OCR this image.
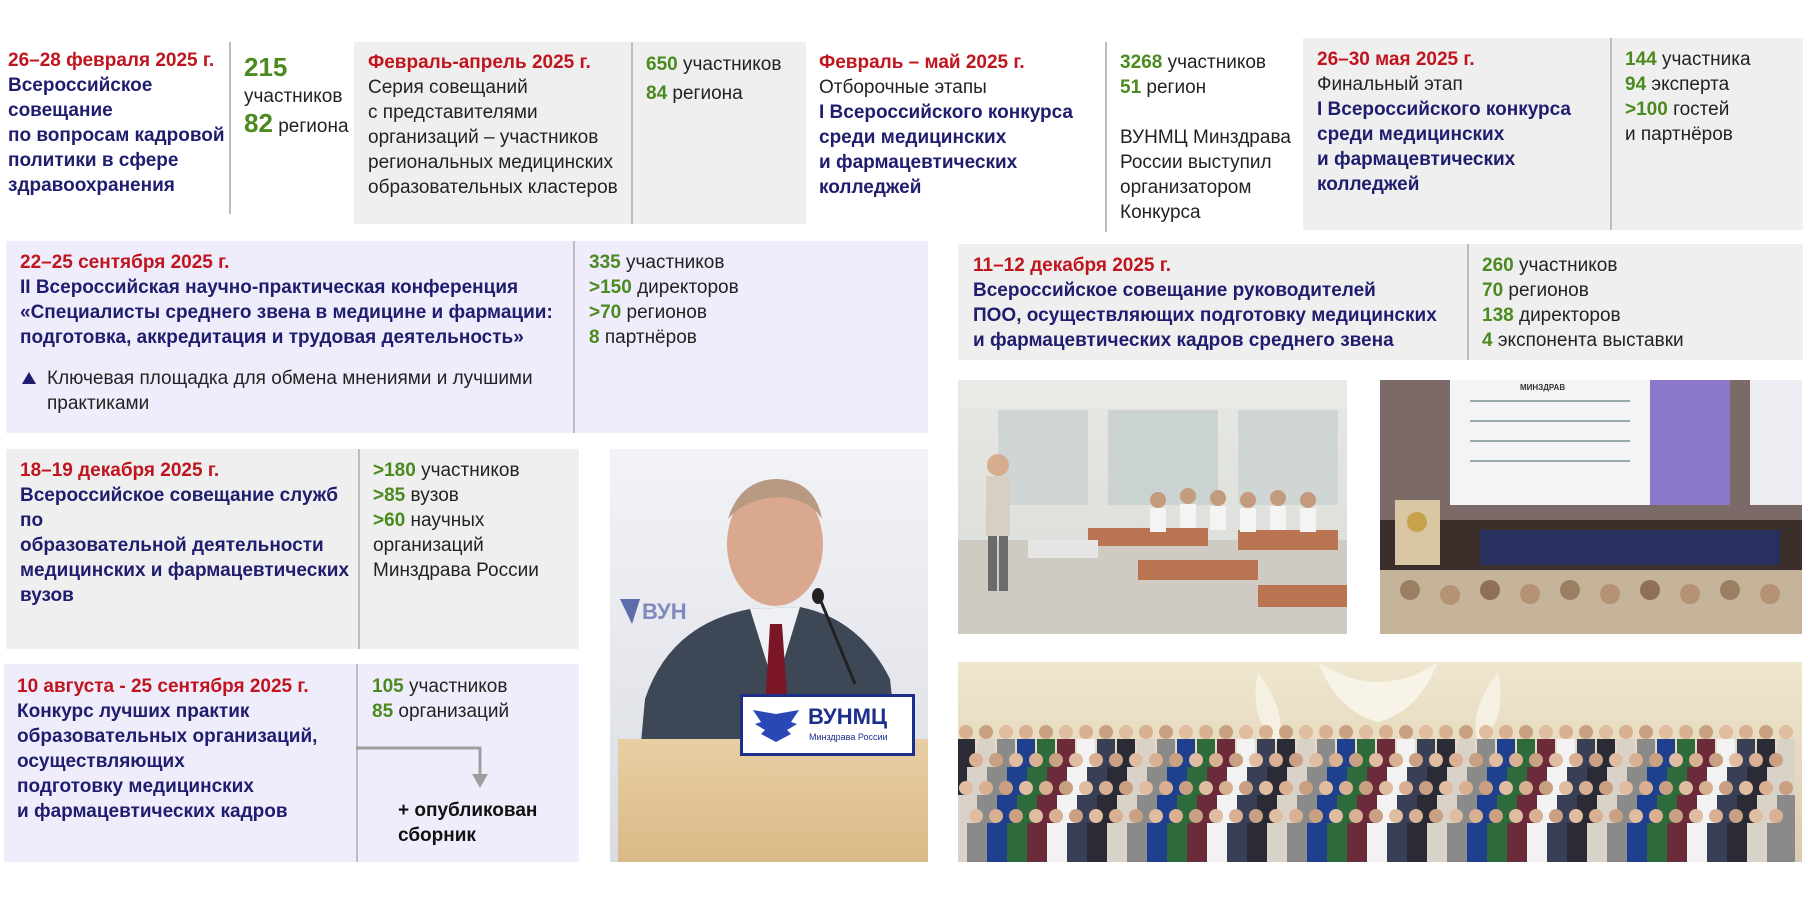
26–28 февраля 2025 г.
Всероссийское
совещание
по вопросам кадровой
политики в сфере
здравоохранения
215
участников
82 региона
Февраль-апрель 2025 г.
Серия совещаний
с представителями
организаций – участников
региональных медицинских
образовательных кластеров
650 участников
84 региона
Февраль – май 2025 г.
Отборочные этапы
I Всероссийского конкурса
среди медицинских
и фармацевтических
колледжей
3268 участников
51 регион
ВУНМЦ Минздрава
России выступил
организатором
Конкурса
26–30 мая 2025 г.
Финальный этап
I Всероссийского конкурса
среди медицинских
и фармацевтических колледжей
144 участника
94 эксперта
>100 гостей
и партнёров
22–25 сентября 2025 г.
II Всероссийская научно-практическая конференция
«Специалисты среднего звена в медицине и фармации:
подготовка, аккредитация и трудовая деятельность»
Ключевая площадка для обмена мнениями и лучшими
практиками
335 участников
>150 директоров
>70 регионов
8 партнёров
11–12 декабря 2025 г.
Всероссийское совещание руководителей
ПОО, осуществляющих подготовку медицинских
и фармацевтических кадров среднего звена
260 участников
70 регионов
138 директоров
4 экспонента выставки
18–19 декабря 2025 г.
Всероссийское совещание служб по
образовательной деятельности
медицинских и фармацевтических
вузов
>180 участников
>85 вузов
>60 научных
организаций
Минздрава России
10 августа - 25 сентября 2025 г.
Конкурс лучших практик
образовательных организаций,
осуществляющих
подготовку медицинских
и фармацевтических кадров
105 участников
85 организаций
+ опубликован
сборник
ВУН
ВУНМЦ
Минздрава России
МИНЗДРАВ
